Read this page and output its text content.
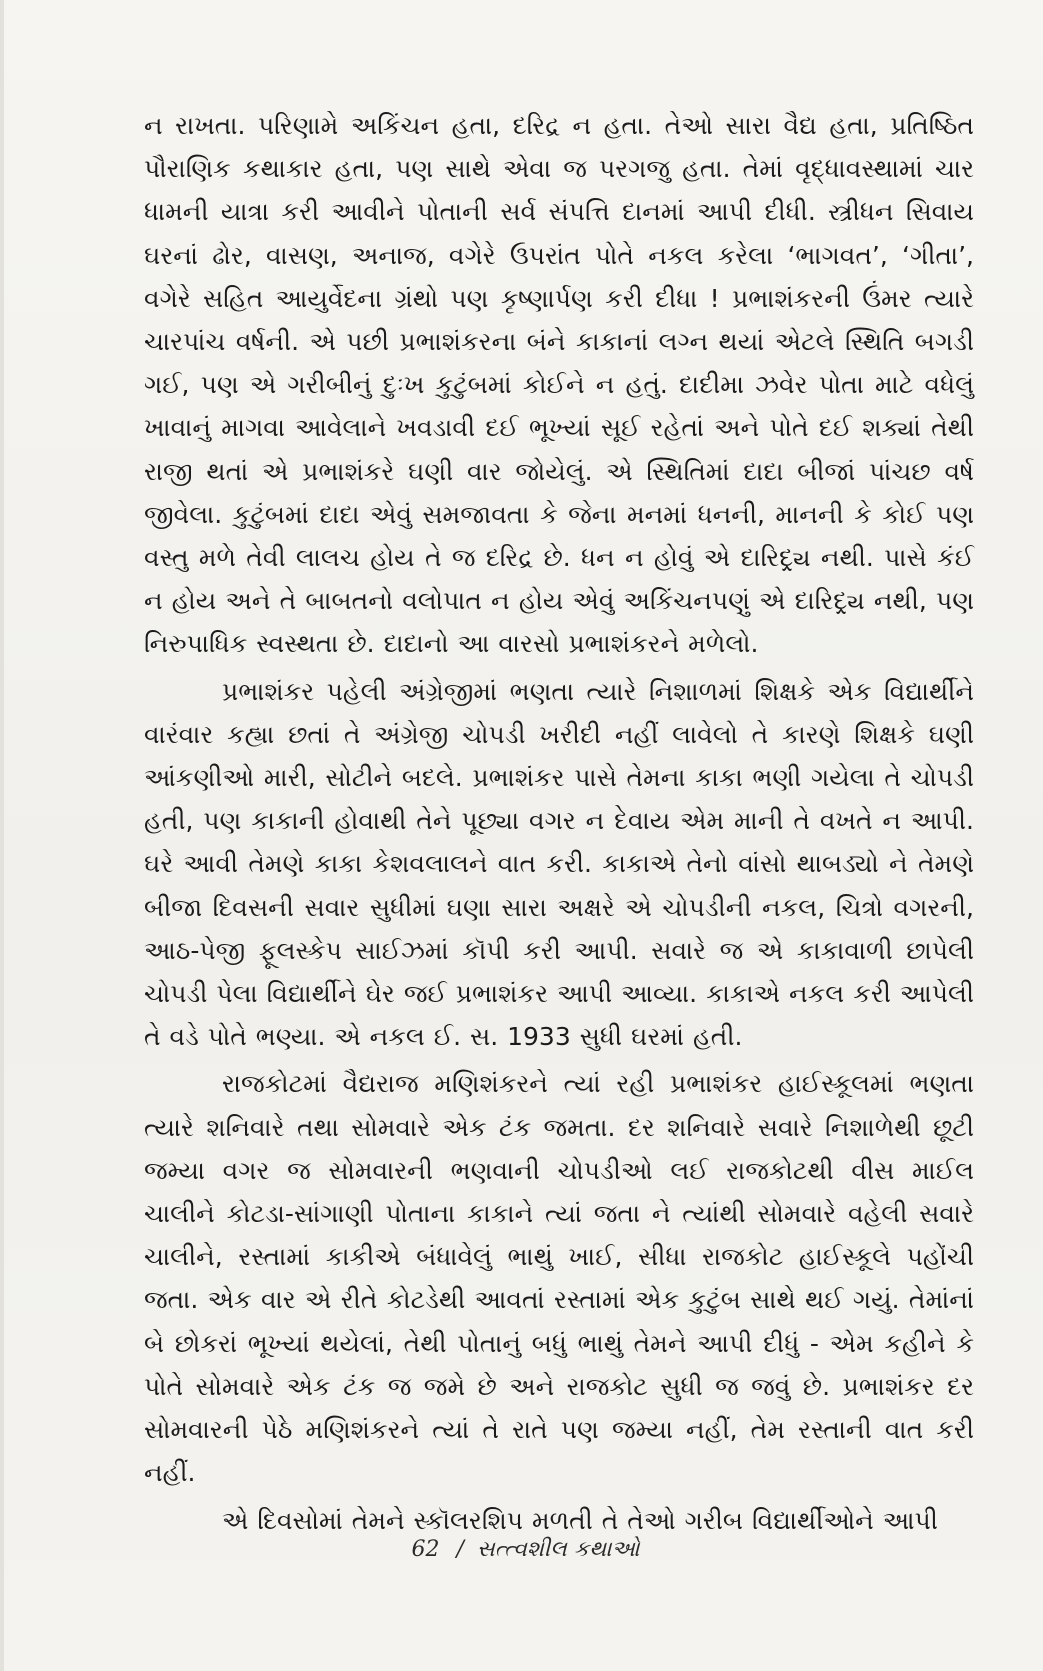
ન રાખતા. પરિણામે અકિંચન હતા, દરિદ્ર ન હતા. તેઓ સારા વૈદ્ય હતા, પ્રતિષ્ઠિત પૌરાણિક કથાકાર હતા, પણ સાથે એવા જ પરગજુ હતા. તેમાં વૃદ્ધાવસ્થામાં ચાર ધામની યાત્રા કરી આવીને પોતાની સર્વ સંપત્તિ દાનમાં આપી દીધી. સ્ત્રીધન સિવાય ઘરનાં ઢોર, વાસણ, અનાજ, વગેરે ઉપરાંત પોતે નકલ કરેલા ‘ભાગવત’, ‘ગીતા’, વગેરે સહિત આયુર્વેદના ગ્રંથો પણ કૃષ્ણાર્પણ કરી દીધા ! પ્રભાશંકરની ઉંમર ત્યારે ચારપાંચ વર્ષની. એ પછી પ્રભાશંકરના બંને કાકાનાં લગ્ન થયાં એટલે સ્થિતિ બગડી ગઈ, પણ એ ગરીબીનું દુઃખ કુટુંબમાં કોઈને ન હતું. દાદીમા ઝવેર પોતા માટે વધેલું ખાવાનું માગવા આવેલાને ખવડાવી દઈ ભૂખ્યાં સૂઈ રહેતાં અને પોતે દઈ શક્યાં તેથી રાજી થતાં એ પ્રભાશંકરે ઘણી વાર જોયેલું. એ સ્થિતિમાં દાદા બીજાં પાંચછ વર્ષ જીવેલા. કુટુંબમાં દાદા એવું સમજાવતા કે જેના મનમાં ધનની, માનની કે કોઈ પણ વસ્તુ મળે તેવી લાલચ હોય તે જ દરિદ્ર છે. ધન ન હોવું એ દારિદ્ર્ય નથી. પાસે કંઈ ન હોય અને તે બાબતનો વલોપાત ન હોય એવું અકિંચનપણું એ દારિદ્ર્ય નથી, પણ નિરુપાધિક સ્વસ્થતા છે. દાદાનો આ વારસો પ્રભાશંકરને મળેલો.

પ્રભાશંકર પહેલી અંગ્રેજીમાં ભણતા ત્યારે નિશાળમાં શિક્ષકે એક વિદ્યાર્થીને વારંવાર કહ્યા છતાં તે અંગ્રેજી ચોપડી ખરીદી નહીં લાવેલો તે કારણે શિક્ષકે ઘણી આંકણીઓ મારી, સોટીને બદલે. પ્રભાશંકર પાસે તેમના કાકા ભણી ગયેલા તે ચોપડી હતી, પણ કાકાની હોવાથી તેને પૂછ્યા વગર ન દેવાય એમ માની તે વખતે ન આપી. ઘરે આવી તેમણે કાકા કેશવલાલને વાત કરી. કાકાએ તેનો વાંસો થાબડ્યો ને તેમણે બીજા દિવસની સવાર સુધીમાં ઘણા સારા અક્ષરે એ ચોપડીની નકલ, ચિત્રો વગરની, આઠ-પેજી ફૂલસ્કેપ સાઈઝમાં કૉપી કરી આપી. સવારે જ એ કાકાવાળી છાપેલી ચોપડી પેલા વિદ્યાર્થીને ઘેર જઈ પ્રભાશંકર આપી આવ્યા. કાકાએ નકલ કરી આપેલી તે વડે પોતે ભણ્યા. એ નકલ ઈ. સ. 1933 સુધી ઘરમાં હતી.

રાજકોટમાં વૈદ્યરાજ મણિશંકરને ત્યાં રહી પ્રભાશંકર હાઈસ્કૂલમાં ભણતા ત્યારે શનિવારે તથા સોમવારે એક ટંક જમતા. દર શનિવારે સવારે નિશાળેથી છૂટી જમ્યા વગર જ સોમવારની ભણવાની ચોપડીઓ લઈ રાજકોટથી વીસ માઈલ ચાલીને કોટડા-સાંગાણી પોતાના કાકાને ત્યાં જતા ને ત્યાંથી સોમવારે વહેલી સવારે ચાલીને, રસ્તામાં કાકીએ બંધાવેલું ભાથું ખાઈ, સીધા રાજકોટ હાઈસ્કૂલે પહોંચી જતા. એક વાર એ રીતે કોટડેથી આવતાં રસ્તામાં એક કુટુંબ સાથે થઈ ગયું. તેમાંનાં બે છોકરાં ભૂખ્યાં થયેલાં, તેથી પોતાનું બધું ભાથું તેમને આપી દીધું - એમ કહીને કે પોતે સોમવારે એક ટંક જ જમે છે અને રાજકોટ સુધી જ જવું છે. પ્રભાશંકર દર સોમવારની પેઠે મણિશંકરને ત્યાં તે રાતે પણ જમ્યા નહીં, તેમ રસ્તાની વાત કરી નહીં.

એ દિવસોમાં તેમને સ્કૉલરશિપ મળતી તે તેઓ ગરીબ વિદ્યાર્થીઓને આપી

62 / સત્ત્વશીલ કથાઓ
